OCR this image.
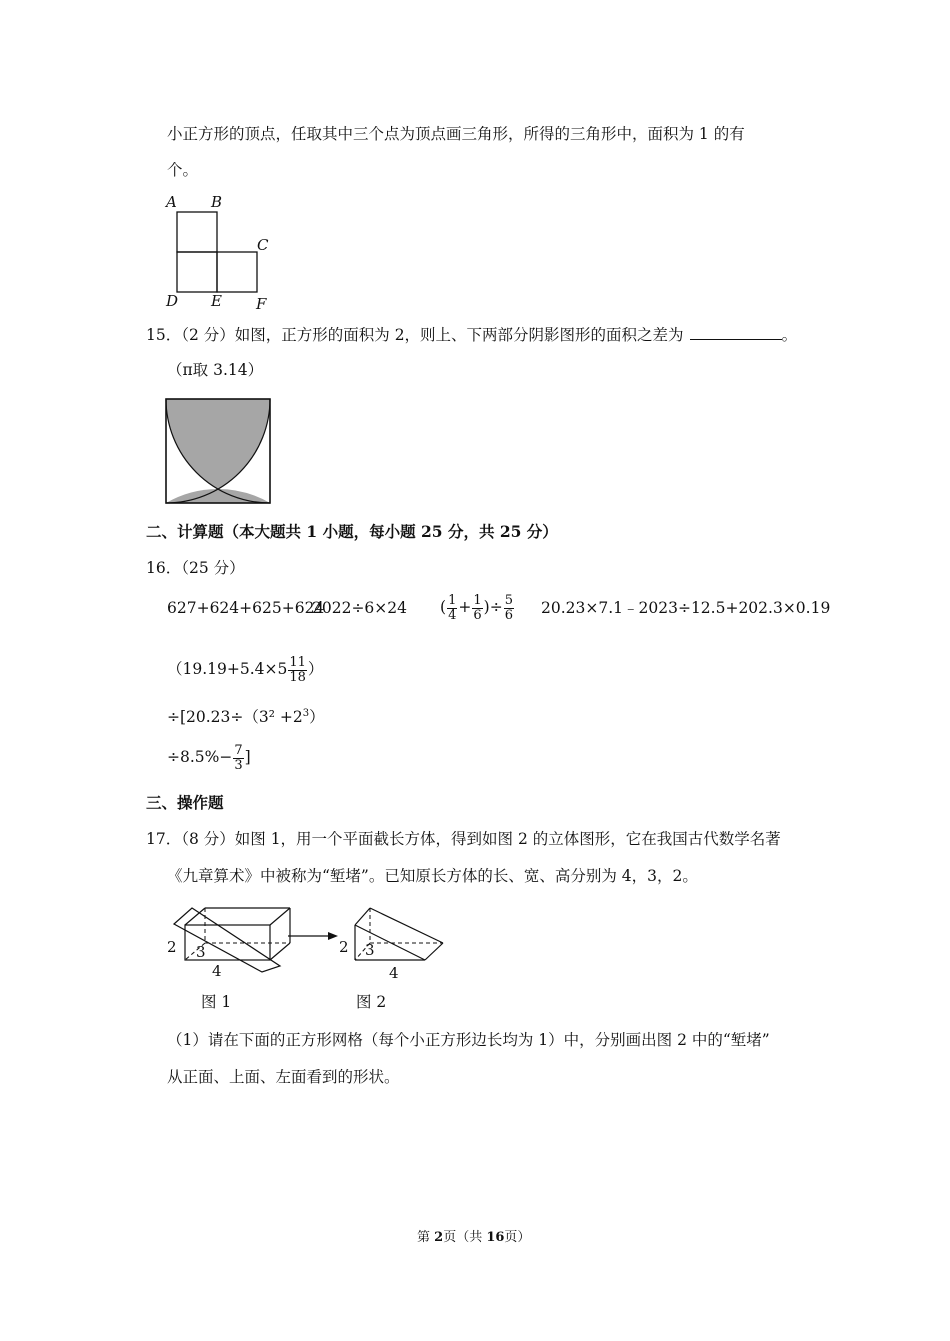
小正方形的顶点，任取其中三个点为顶点画三角形，所得的三角形中，面积为 1 的有
个。
A B
C
D E F
15．（2 分）如图，正方形的面积为 2，则上、下两部分阴影图形的面积之差为	。
（π取 3.14）
二、计算题（本大题共 1 小题，每小题 25 分，共 25 分）
16．（25 分）
627+624+625+624
2022÷6×24 ( $\frac{1}{4} + \frac{1}{6}$ )÷ $\frac{5}{6}$ 20.23×7.1﹣2023÷12.5+202.3×0.19
（$19.19+5.4\times 5 \frac{11}{18}$ ）
$\div[20.23\div(3^2 +2^3)$
$\div 8.5\%- \frac{7}{3}$ ]
三、操作题
17．（8 分）如图 1，用一个平面截长方体，得到如图 2 的立体图形，它在我国古代数学名著
《九章算术》中被称为“堑堵”。已知原长方体的长、宽、高分别为 4，3，2。
2 3
4
2 3
4
图 1	图 2
（1）请在下面的正方形网格（每个小正方形边长均为 1）中，分别画出图 2 中的“堑堵”
从正面、上面、左面看到的形状。
第 2页（共 16页）
